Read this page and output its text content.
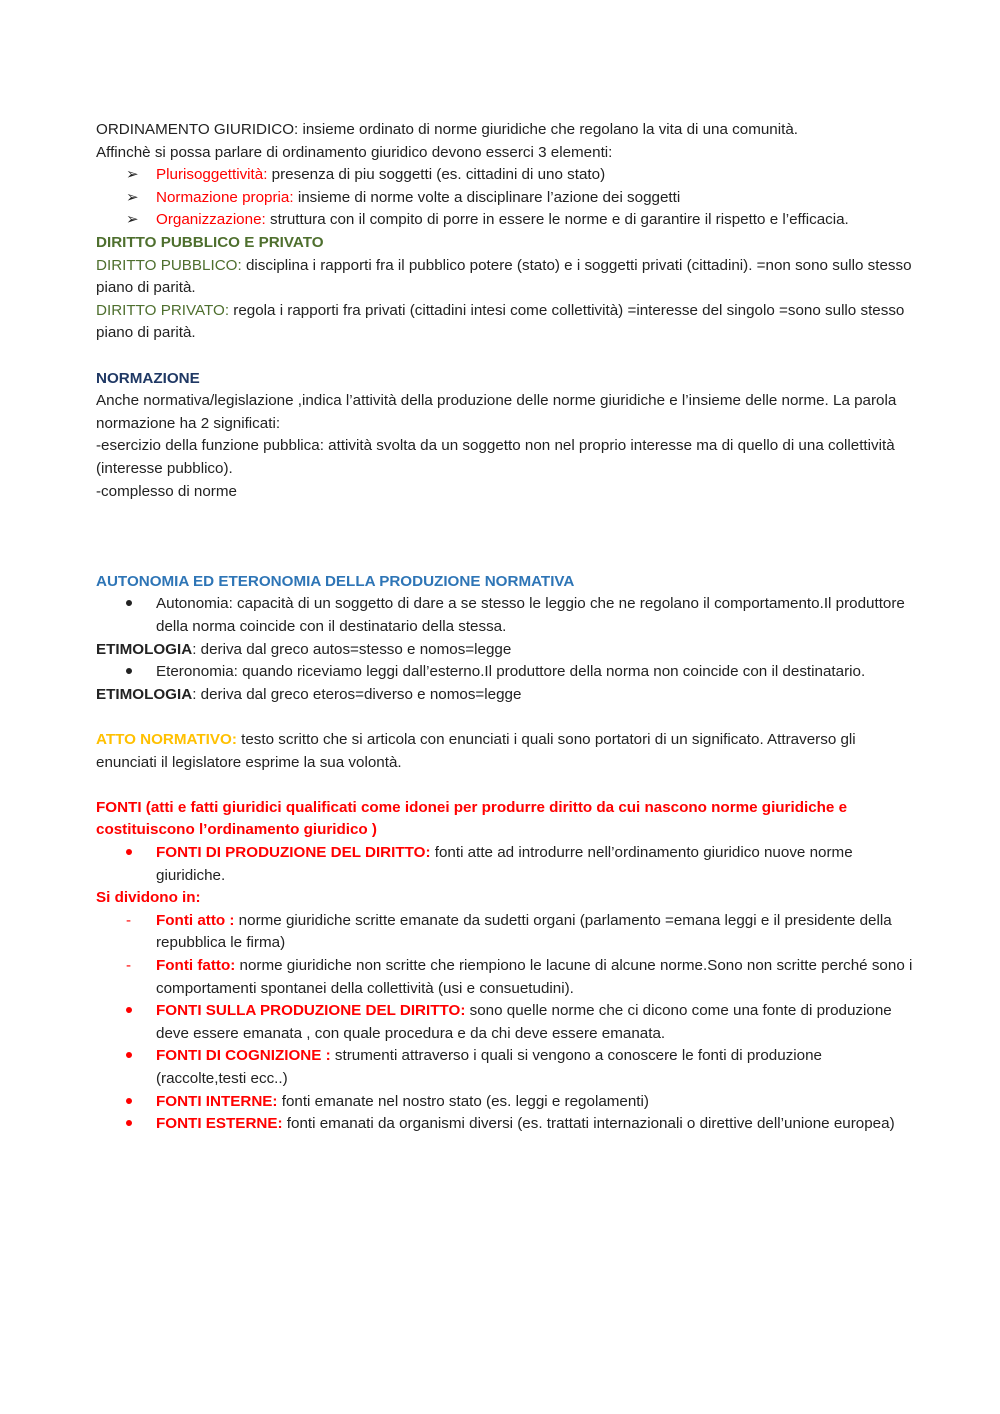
ORDINAMENTO GIURIDICO: insieme ordinato di norme giuridiche che regolano la vita di una comunità.
Affinchè si possa parlare di ordinamento giuridico devono esserci 3 elementi:
➢	Plurisoggettività: presenza di piu soggetti (es. cittadini di uno stato)
➢	Normazione propria: insieme di norme volte a disciplinare l’azione dei soggetti
➢	Organizzazione: struttura con il compito di porre in essere le norme e di garantire il rispetto e l’efficacia.
DIRITTO PUBBLICO E PRIVATO
DIRITTO PUBBLICO: disciplina i rapporti fra il pubblico potere (stato) e i soggetti privati (cittadini). =non sono sullo stesso piano di parità.
DIRITTO PRIVATO: regola i rapporti fra privati (cittadini intesi come collettività) =interesse del singolo =sono sullo stesso piano di parità.
NORMAZIONE
Anche normativa/legislazione ,indica l’attività della produzione delle norme giuridiche e l’insieme delle norme. La parola normazione ha 2 significati:
-esercizio della funzione pubblica: attività svolta da un soggetto non nel proprio interesse ma di quello di una collettività (interesse pubblico).
-complesso di norme
AUTONOMIA ED ETERONOMIA DELLA PRODUZIONE NORMATIVA
Autonomia: capacità di un soggetto di dare a se stesso le leggio che ne regolano il comportamento.Il produttore della norma coincide con il destinatario della stessa.
ETIMOLOGIA: deriva dal greco autos=stesso e nomos=legge
Eteronomia: quando riceviamo leggi dall’esterno.Il produttore della norma non coincide con il destinatario.
ETIMOLOGIA: deriva dal greco eteros=diverso e nomos=legge
ATTO NORMATIVO: testo scritto che si articola con enunciati i quali sono portatori di un significato. Attraverso gli enunciati il legislatore esprime la sua volontà.
FONTI (atti e fatti giuridici qualificati come idonei per produrre diritto da cui nascono norme giuridiche e costituiscono l’ordinamento giuridico )
FONTI DI PRODUZIONE DEL DIRITTO: fonti atte ad introdurre nell’ordinamento giuridico nuove norme giuridiche.
Si dividono in:
-	Fonti atto : norme giuridiche scritte emanate da sudetti organi (parlamento =emana leggi e il presidente della repubblica le firma)
-	Fonti fatto: norme giuridiche non scritte che riempiono le lacune di alcune norme.Sono non scritte perché sono i comportamenti spontanei della collettività (usi e consuetudini).
FONTI SULLA PRODUZIONE DEL DIRITTO: sono quelle norme che ci dicono come una fonte di produzione deve essere emanata , con quale procedura e da chi deve essere emanata.
FONTI DI COGNIZIONE : strumenti attraverso i quali si vengono a conoscere le fonti di produzione (raccolte,testi ecc..)
FONTI INTERNE: fonti emanate nel nostro stato (es. leggi e regolamenti)
FONTI ESTERNE: fonti emanati da organismi diversi (es. trattati internazionali o direttive dell’unione europea)
